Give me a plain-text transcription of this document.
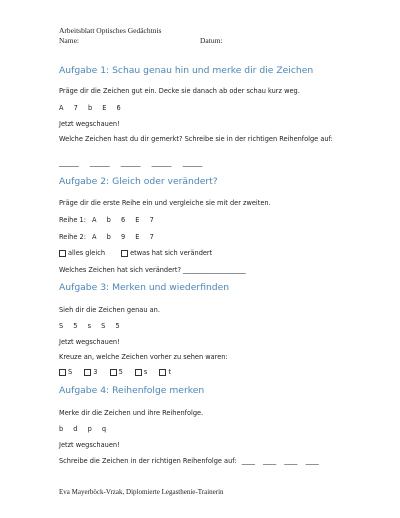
Arbeitsblatt Optisches Gedächtnis
Name:	Datum:
Aufgabe 1: Schau genau hin und merke dir die Zeichen
Präge dir die Zeichen gut ein. Decke sie danach ab oder schau kurz weg.
A 7 b E 6
Jetzt wegschauen!
Welche Zeichen hast du dir gemerkt? Schreibe sie in der richtigen Reihenfolge auf:
______ ______ ______ ______ ______
Aufgabe 2: Gleich oder verändert?
Präge dir die erste Reihe ein und vergleiche sie mit der zweiten.
Reihe 1: A b 6 E 7
Reihe 2: A b 9 E 7
alles gleich
	etwas hat sich verändert
Welches Zeichen hat sich verändert? ___________________
Aufgabe 3: Merken und wiederfinden
Sieh dir die Zeichen genau an.
S 5 s S 5
Jetzt wegschauen!
Kreuze an, welche Zeichen vorher zu sehen waren:
S
	3
	5
	s
	t
Aufgabe 4: Reihenfolge merken
Merke dir die Zeichen und ihre Reihenfolge.
b d p q
Jetzt wegschauen!
Schreibe die Zeichen in der richtigen Reihenfolge auf: ____ ____ ____ ____
Eva Mayerböck-Vrzak, Diplomierte Legasthenie-Trainerin
